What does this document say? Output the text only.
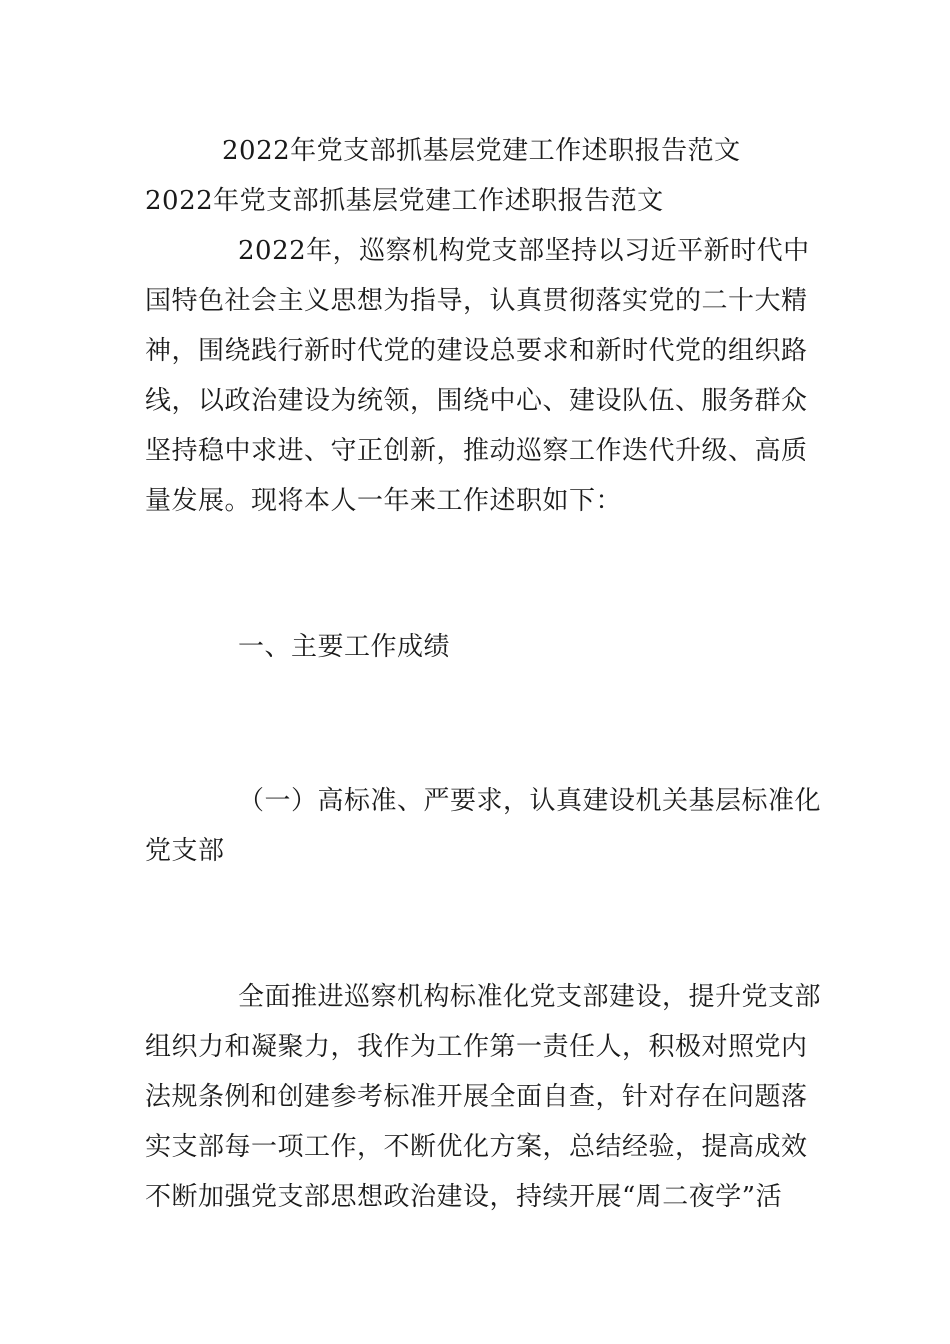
2022年党支部抓基层党建工作述职报告范文
2022年党支部抓基层党建工作述职报告范文
2022年，巡察机构党支部坚持以习近平新时代中
国特色社会主义思想为指导，认真贯彻落实党的二十大精
神，围绕践行新时代党的建设总要求和新时代党的组织路
线，以政治建设为统领，围绕中心、建设队伍、服务群众
坚持稳中求进、守正创新，推动巡察工作迭代升级、高质
量发展。现将本人一年来工作述职如下：
一、主要工作成绩
（一）高标准、严要求，认真建设机关基层标准化
党支部
全面推进巡察机构标准化党支部建设，提升党支部
组织力和凝聚力，我作为工作第一责任人，积极对照党内
法规条例和创建参考标准开展全面自查，针对存在问题落
实支部每一项工作，不断优化方案，总结经验，提高成效
不断加强党支部思想政治建设，持续开展“周二夜学”活
